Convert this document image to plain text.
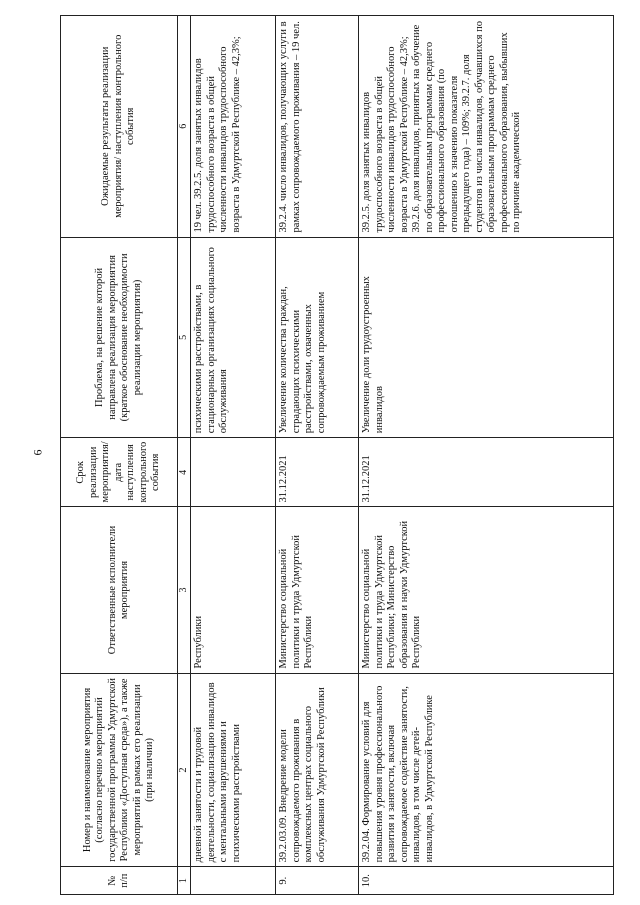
6
№ п/п	Номер и наименование мероприятия (согласно перечню мероприятий государственной программы Удмуртской Республики «Доступная среда»), а также мероприятий в рамках его реализации (при наличии)	Ответственные исполнители мероприятия	Срок реализации мероприятия/ дата наступления контрольного события	Проблема, на решение которой направлена реализация мероприятия (краткое обоснование необходимости реализации мероприятия)	Ожидаемые результаты реализации мероприятия/ наступления контрольного события
1	2	3	4	5	6
	дневной занятости и трудовой деятельности, социализацию инвалидов с ментальными нарушениями и психическими расстройствами	Республики		психическими расстройствами, в стационарных организациях социального обслуживания	19 чел. 39.2.5. доля занятых инвалидов трудоспособного возраста в общей численности инвалидов трудоспособного возраста в Удмуртской Республике – 42,3%;
9.	39.2.03.09. Внедрение модели сопровождаемого проживания в комплексных центрах социального обслуживания Удмуртской Республики	Министерство социальной политики и труда Удмуртской Республики	31.12.2021	Увеличение количества граждан, страдающих психическими расстройствами, охваченных сопровождаемым проживанием	39.2.4. число инвалидов, получающих услуги в рамках сопровождаемого проживания – 19 чел.
10.	39.2.04. Формирование условий для повышения уровня профессионального развития и занятости, включая сопровождаемое содействие занятости, инвалидов, в том числе детей-инвалидов, в Удмуртской Республике	Министерство социальной политики и труда Удмуртской Республики; Министерство образования и науки Удмуртской Республики	31.12.2021	Увеличение доли трудоустроенных инвалидов	39.2.5. доля занятых инвалидов трудоспособного возраста в общей численности инвалидов трудоспособного возраста в Удмуртской Республике – 42,3%; 39.2.6. доля инвалидов, принятых на обучение по образовательным программам среднего профессионального образования (по отношению к значению показателя предыдущего года) – 109%; 39.2.7. доля студентов из числа инвалидов, обучавшихся по образовательным программам среднего профессионального образования, выбывших по причине академической
